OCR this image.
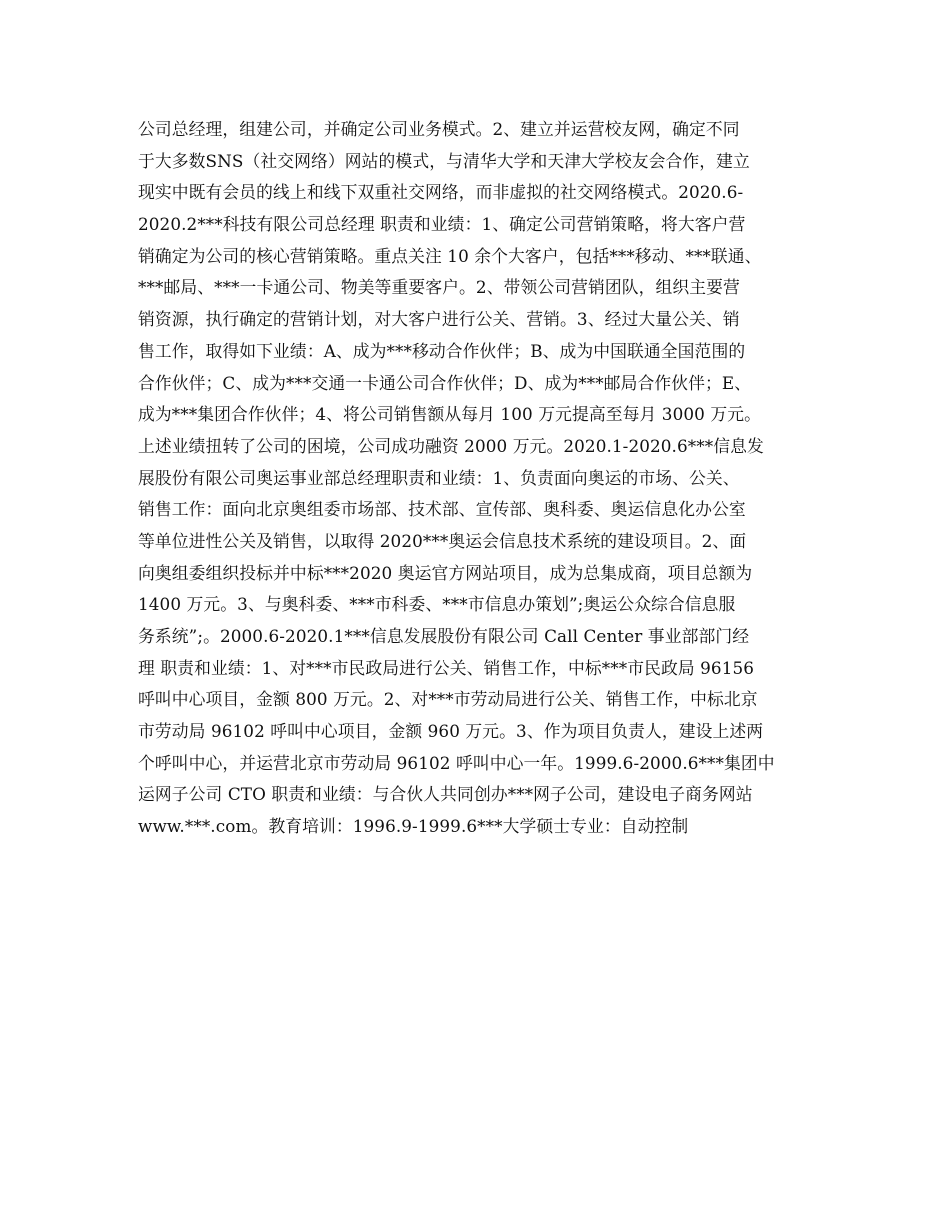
公司总经理，组建公司，并确定公司业务模式。2、建立并运营校友网，确定不同
于大多数SNS（社交网络）网站的模式，与清华大学和天津大学校友会合作，建立
现实中既有会员的线上和线下双重社交网络，而非虚拟的社交网络模式。2020.6-
2020.2***科技有限公司总经理 职责和业绩：1、确定公司营销策略，将大客户营
销确定为公司的核心营销策略。重点关注 10 余个大客户，包括***移动、***联通、
***邮局、***一卡通公司、物美等重要客户。2、带领公司营销团队，组织主要营
销资源，执行确定的营销计划，对大客户进行公关、营销。3、经过大量公关、销
售工作，取得如下业绩：A、成为***移动合作伙伴；B、成为中国联通全国范围的
合作伙伴；C、成为***交通一卡通公司合作伙伴；D、成为***邮局合作伙伴；E、
成为***集团合作伙伴；4、将公司销售额从每月 100 万元提高至每月 3000 万元。
上述业绩扭转了公司的困境，公司成功融资 2000 万元。2020.1-2020.6***信息发
展股份有限公司奥运事业部总经理职责和业绩：1、负责面向奥运的市场、公关、
销售工作：面向北京奥组委市场部、技术部、宣传部、奥科委、奥运信息化办公室
等单位进性公关及销售，以取得 2020***奥运会信息技术系统的建设项目。2、面
向奥组委组织投标并中标***2020 奥运官方网站项目，成为总集成商，项目总额为
1400 万元。3、与奥科委、***市科委、***市信息办策划”;奥运公众综合信息服
务系统”;。2000.6-2020.1***信息发展股份有限公司 Call Center 事业部部门经
理 职责和业绩：1、对***市民政局进行公关、销售工作，中标***市民政局 96156
呼叫中心项目，金额 800 万元。2、对***市劳动局进行公关、销售工作，中标北京
市劳动局 96102 呼叫中心项目，金额 960 万元。3、作为项目负责人，建设上述两
个呼叫中心，并运营北京市劳动局 96102 呼叫中心一年。1999.6-2000.6***集团中
运网子公司 CTO 职责和业绩：与合伙人共同创办***网子公司，建设电子商务网站
www.***.com。教育培训：1996.9-1999.6***大学硕士专业：自动控制
